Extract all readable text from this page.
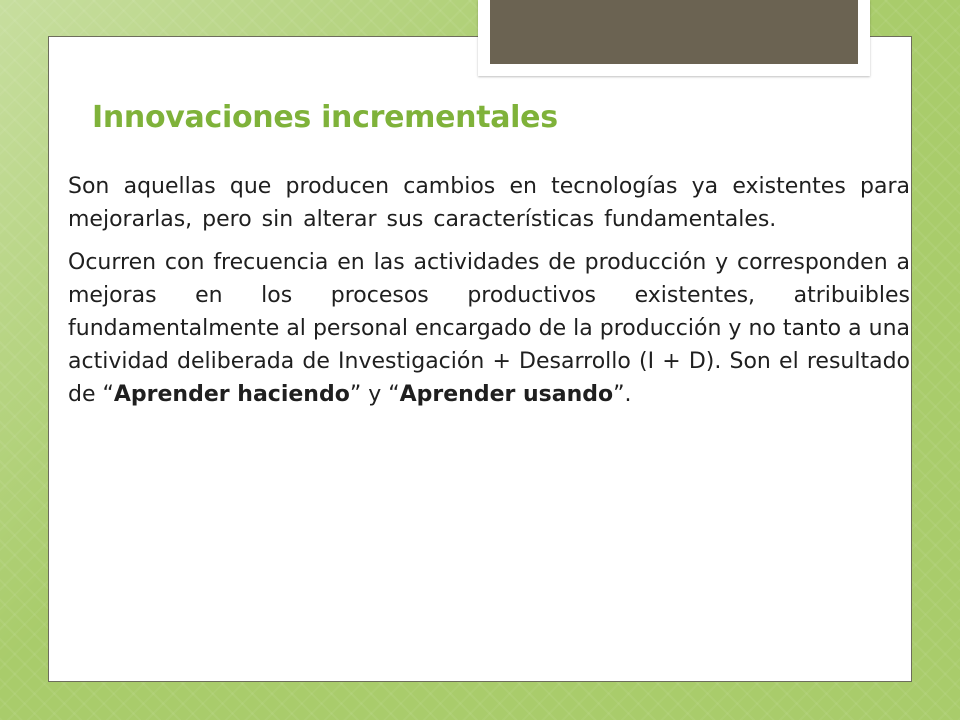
Innovaciones incrementales

Son aquellas que producen cambios en tecnologías ya existentes para mejorarlas, pero sin alterar sus características fundamentales.

Ocurren con frecuencia en las actividades de producción y corresponden a mejoras en los procesos productivos existentes, atribuibles fundamentalmente al personal encargado de la producción y no tanto a una actividad deliberada de Investigación + Desarrollo (I + D). Son el resultado de “Aprender haciendo” y “Aprender usando”.
